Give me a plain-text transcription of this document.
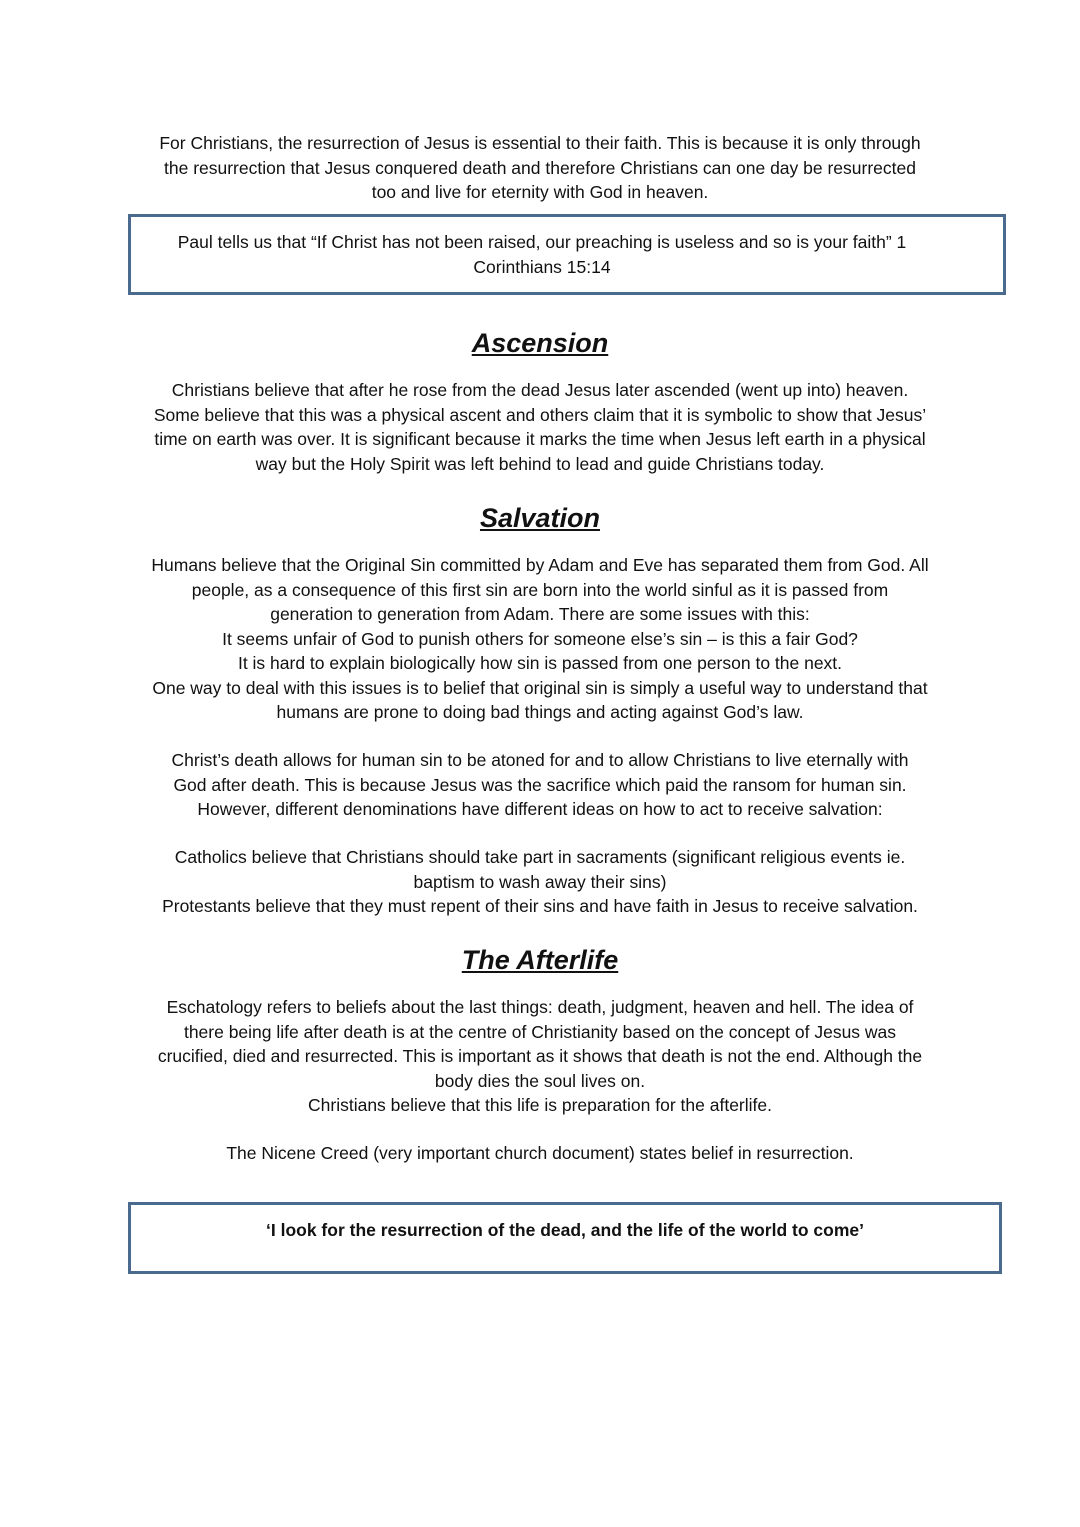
For Christians, the resurrection of Jesus is essential to their faith. This is because it is only through
the resurrection that Jesus conquered death and therefore Christians can one day be resurrected
too and live for eternity with God in heaven.

Paul tells us that “If Christ has not been raised, our preaching is useless and so is your faith” 1
Corinthians 15:14
Ascension

Christians believe that after he rose from the dead Jesus later ascended (went up into) heaven.
Some believe that this was a physical ascent and others claim that it is symbolic to show that Jesus’
time on earth was over. It is significant because it marks the time when Jesus left earth in a physical
way but the Holy Spirit was left behind to lead and guide Christians today.

Salvation

Humans believe that the Original Sin committed by Adam and Eve has separated them from God. All
people, as a consequence of this first sin are born into the world sinful as it is passed from
generation to generation from Adam. There are some issues with this:
It seems unfair of God to punish others for someone else’s sin – is this a fair God?
It is hard to explain biologically how sin is passed from one person to the next.
One way to deal with this issues is to belief that original sin is simply a useful way to understand that
humans are prone to doing bad things and acting against God’s law.

Christ’s death allows for human sin to be atoned for and to allow Christians to live eternally with
God after death. This is because Jesus was the sacrifice which paid the ransom for human sin.
However, different denominations have different ideas on how to act to receive salvation:

Catholics believe that Christians should take part in sacraments (significant religious events ie.
baptism to wash away their sins)
Protestants believe that they must repent of their sins and have faith in Jesus to receive salvation.

The Afterlife

Eschatology refers to beliefs about the last things: death, judgment, heaven and hell. The idea of
there being life after death is at the centre of Christianity based on the concept of Jesus was
crucified, died and resurrected. This is important as it shows that death is not the end. Although the
body dies the soul lives on.
Christians believe that this life is preparation for the afterlife.

The Nicene Creed (very important church document) states belief in resurrection.

‘I look for the resurrection of the dead, and the life of the world to come’
